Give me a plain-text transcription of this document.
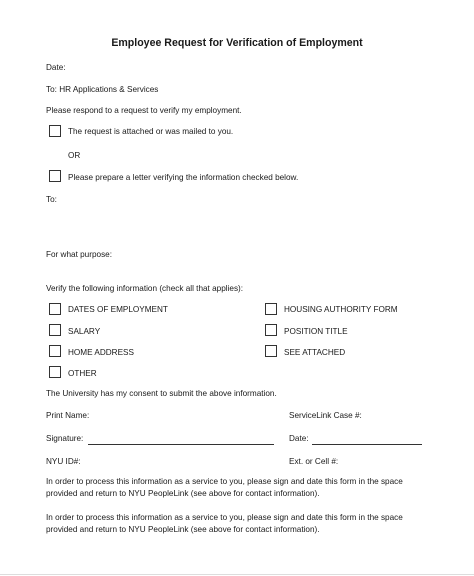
Employee Request for Verification of Employment
Date:
To: HR Applications & Services
Please respond to a request to verify my employment.
The request is attached or was mailed to you.
OR
Please prepare a letter verifying the information checked below.
To:
For what purpose:
Verify the following information (check all that applies):
DATES OF EMPLOYMENT
SALARY
HOME ADDRESS
OTHER
HOUSING AUTHORITY FORM
POSITION TITLE
SEE ATTACHED
The University has my consent to submit the above information.
Print Name:	ServiceLink Case #:
Signature:	Date:
NYU ID#:	Ext. or Cell #:
In order to process this information as a service to you, please sign and date this form in the space
provided and return to NYU PeopleLink (see above for contact information).
In order to process this information as a service to you, please sign and date this form in the space
provided and return to NYU PeopleLink (see above for contact information).
